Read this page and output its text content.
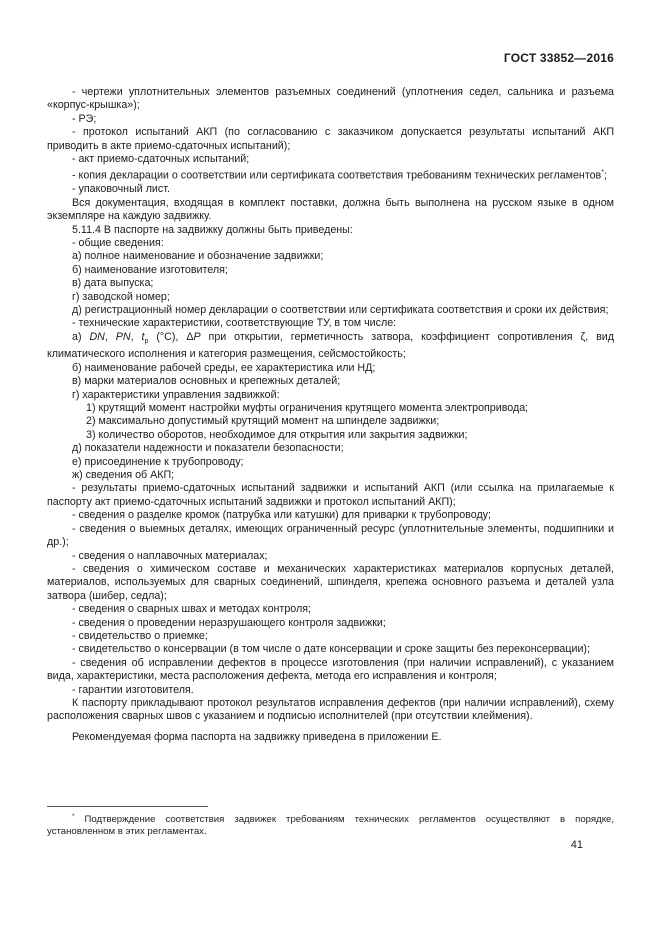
ГОСТ 33852—2016

- чертежи уплотнительных элементов разъемных соединений (уплотнения седел, сальника и разъема «корпус-крышка»);

- РЭ;

- протокол испытаний АКП (по согласованию с заказчиком допускается результаты испытаний АКП приводить в акте приемо-сдаточных испытаний);

- акт приемо-сдаточных испытаний;

- копия декларации о соответствии или сертификата соответствия требованиям технических регламентов*;

- упаковочный лист.

Вся документация, входящая в комплект поставки, должна быть выполнена на русском языке в одном экземпляре на каждую задвижку.

5.11.4 В паспорте на задвижку должны быть приведены:

- общие сведения:

а) полное наименование и обозначение задвижки;

б) наименование изготовителя;

в) дата выпуска;

г) заводской номер;

д) регистрационный номер декларации о соответствии или сертификата соответствия и сроки их действия;

- технические характеристики, соответствующие ТУ, в том числе:

а) DN, PN, $t_р$ (°С), ΔР при открытии, герметичность затвора, коэффициент сопротивления ζ, вид климатического исполнения и категория размещения, сейсмостойкость;

б) наименование рабочей среды, ее характеристика или НД;

в) марки материалов основных и крепежных деталей;

г) характеристики управления задвижкой:

1) крутящий момент настройки муфты ограничения крутящего момента электропривода;

2) максимально допустимый крутящий момент на шпинделе задвижки;

3) количество оборотов, необходимое для открытия или закрытия задвижки;

д) показатели надежности и показатели безопасности;

е) присоединение к трубопроводу;

ж) сведения об АКП;

- результаты приемо-сдаточных испытаний задвижки и испытаний АКП (или ссылка на прилагаемые к паспорту акт приемо-сдаточных испытаний задвижки и протокол испытаний АКП);

- сведения о разделке кромок (патрубка или катушки) для приварки к трубопроводу;

- сведения о выемных деталях, имеющих ограниченный ресурс (уплотнительные элементы, подшипники и др.);

- сведения о наплавочных материалах;

- сведения о химическом составе и механических характеристиках материалов корпусных деталей, материалов, используемых для сварных соединений, шпинделя, крепежа основного разъема и деталей узла затвора (шибер, седла);

- сведения о сварных швах и методах контроля;

- сведения о проведении неразрушающего контроля задвижки;

- свидетельство о приемке;

- свидетельство о консервации (в том числе о дате консервации и сроке защиты без переконсервации);

- сведения об исправлении дефектов в процессе изготовления (при наличии исправлений), с указанием вида, характеристики, места расположения дефекта, метода его исправления и контроля;

- гарантии изготовителя.

К паспорту прикладывают протокол результатов исправления дефектов (при наличии исправлений), схему расположения сварных швов с указанием и подписью исполнителей (при отсутствии клеймения).

Рекомендуемая форма паспорта на задвижку приведена в приложении Е.

* Подтверждение соответствия задвижек требованиям технических регламентов осуществляют в порядке, установленном в этих регламентах.

41
